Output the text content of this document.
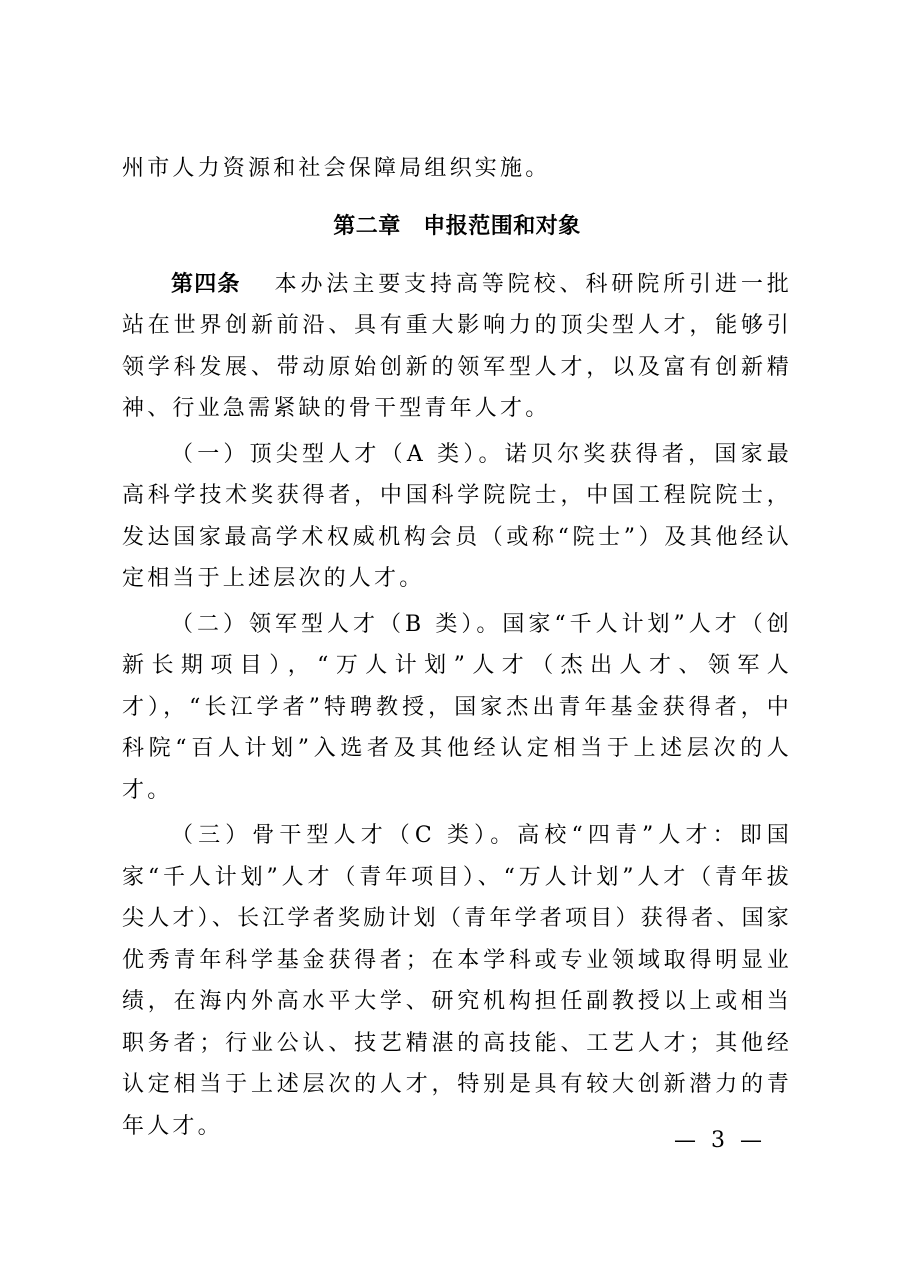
州市人力资源和社会保障局组织实施。

第二章　申报范围和对象

第四条 本办法主要支持高等院校、科研院所引进一批站在世界创新前沿、具有重大影响力的顶尖型人才，能够引领学科发展、带动原始创新的领军型人才，以及富有创新精神、行业急需紧缺的骨干型青年人才。

（一）顶尖型人才（A 类）。诺贝尔奖获得者，国家最高科学技术奖获得者，中国科学院院士，中国工程院院士，发达国家最高学术权威机构会员（或称“院士”）及其他经认定相当于上述层次的人才。

（二）领军型人才（B 类）。国家“千人计划”人才（创新长期项目），“万人计划”人才（杰出人才、领军人才），“长江学者”特聘教授，国家杰出青年基金获得者，中科院“百人计划”入选者及其他经认定相当于上述层次的人才。

（三）骨干型人才（C 类）。高校“四青”人才：即国家“千人计划”人才（青年项目）、“万人计划”人才（青年拔尖人才）、长江学者奖励计划（青年学者项目）获得者、国家优秀青年科学基金获得者；在本学科或专业领域取得明显业绩，在海内外高水平大学、研究机构担任副教授以上或相当职务者；行业公认、技艺精湛的高技能、工艺人才；其他经认定相当于上述层次的人才，特别是具有较大创新潜力的青年人才。

— 3 —
